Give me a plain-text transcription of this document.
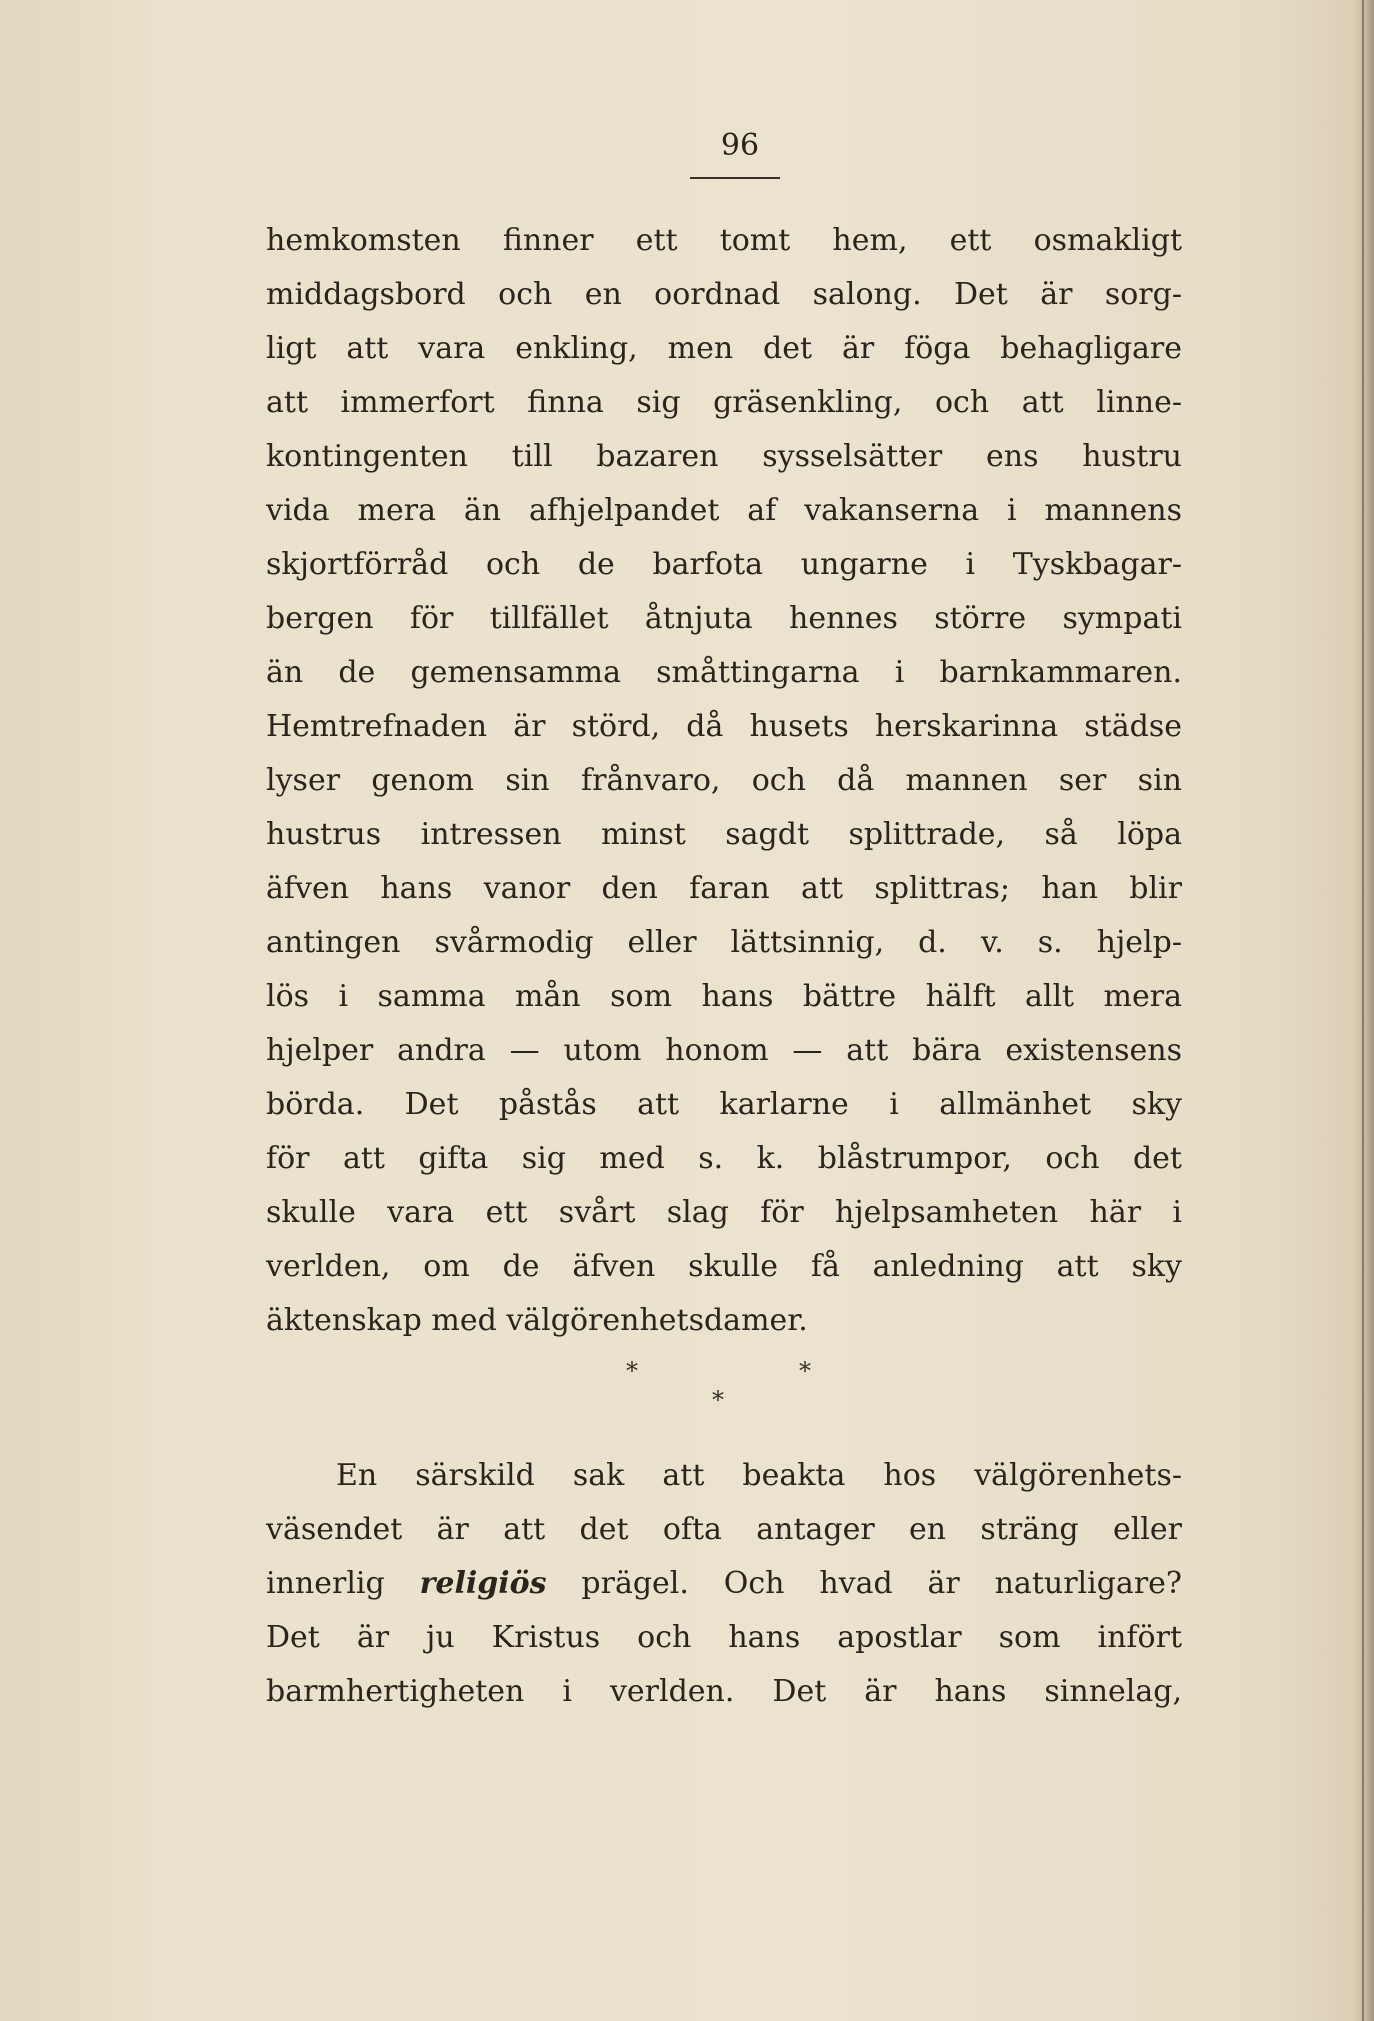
96
hemkomsten finner ett tomt hem, ett osmakligt
middagsbord och en oordnad salong. Det är sorg-
ligt att vara enkling, men det är föga behagligare
att immerfort finna sig gräsenkling, och att linne-
kontingenten till bazaren sysselsätter ens hustru
vida mera än afhjelpandet af vakanserna i mannens
skjortförråd och de barfota ungarne i Tyskbagar-
bergen för tillfället åtnjuta hennes större sympati
än de gemensamma småttingarna i barnkammaren.
Hemtrefnaden är störd, då husets herskarinna städse
lyser genom sin frånvaro, och då mannen ser sin
hustrus intressen minst sagdt splittrade, så löpa
äfven hans vanor den faran att splittras; han blir
antingen svårmodig eller lättsinnig, d. v. s. hjelp-
lös i samma mån som hans bättre hälft allt mera
hjelper andra — utom honom — att bära existensens
börda. Det påstås att karlarne i allmänhet sky
för att gifta sig med s. k. blåstrumpor, och det
skulle vara ett svårt slag för hjelpsamheten här i
verlden, om de äfven skulle få anledning att sky
äktenskap med välgörenhetsdamer.
*	*
*
En särskild sak att beakta hos välgörenhets-
väsendet är att det ofta antager en sträng eller
innerlig religiös prägel. Och hvad är naturligare?
Det är ju Kristus och hans apostlar som infört
barmhertigheten i verlden. Det är hans sinnelag,
